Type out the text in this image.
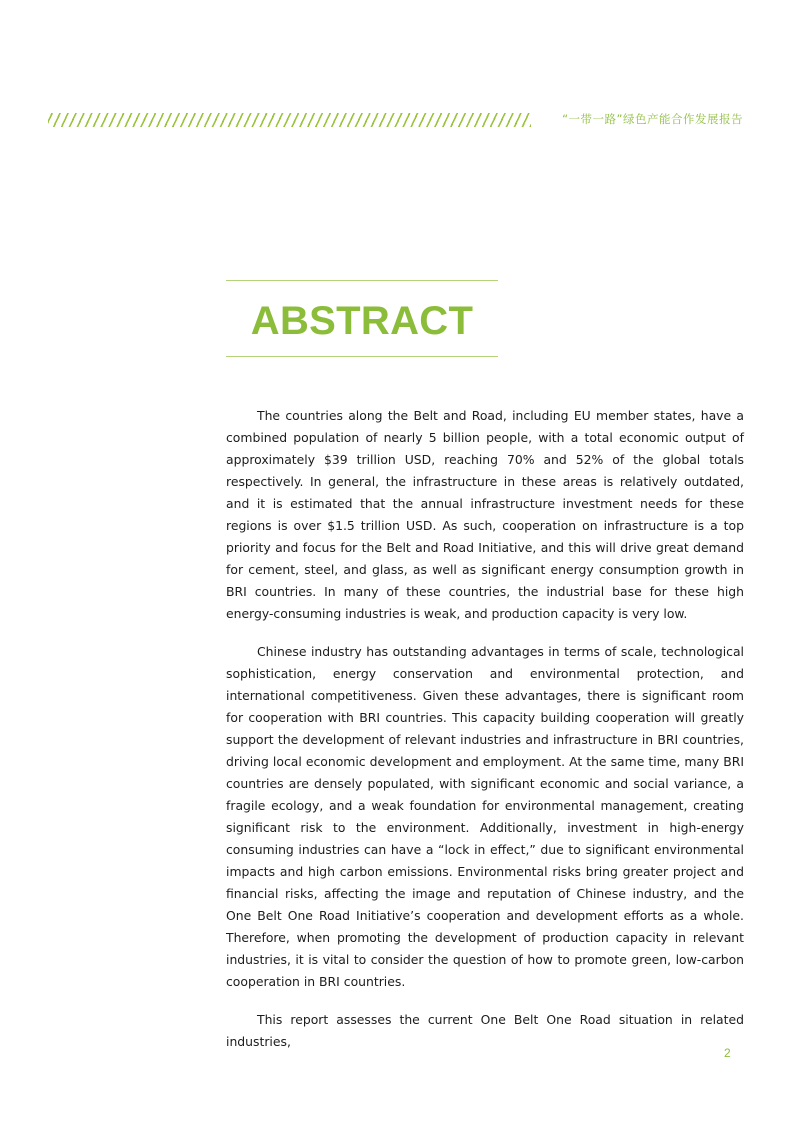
“一带一路”绿色产能合作发展报告
ABSTRACT

The countries along the Belt and Road, including EU member states, have a combined population of nearly 5 billion people, with a total economic output of approximately $39 trillion USD, reaching 70% and 52% of the global totals respectively. In general, the infrastructure in these areas is relatively outdated, and it is estimated that the annual infrastructure investment needs for these regions is over $1.5 trillion USD. As such, cooperation on infrastructure is a top priority and focus for the Belt and Road Initiative, and this will drive great demand for cement, steel, and glass, as well as significant energy consumption growth in BRI countries. In many of these countries, the industrial base for these high energy-consuming industries is weak, and production capacity is very low.

Chinese industry has outstanding advantages in terms of scale, technological sophistication, energy conservation and environmental protection, and international competitiveness. Given these advantages, there is significant room for cooperation with BRI countries. This capacity building cooperation will greatly support the development of relevant industries and infrastructure in BRI countries, driving local economic development and employment. At the same time, many BRI countries are densely populated, with significant economic and social variance, a fragile ecology, and a weak foundation for environmental management, creating significant risk to the environment. Additionally, investment in high-energy consuming industries can have a “lock in effect,” due to significant environmental impacts and high carbon emissions. Environmental risks bring greater project and financial risks, affecting the image and reputation of Chinese industry, and the One Belt One Road Initiative’s cooperation and development efforts as a whole. Therefore, when promoting the development of production capacity in relevant industries, it is vital to consider the question of how to promote green, low-carbon cooperation in BRI countries.

This report assesses the current One Belt One Road situation in related industries,

2
